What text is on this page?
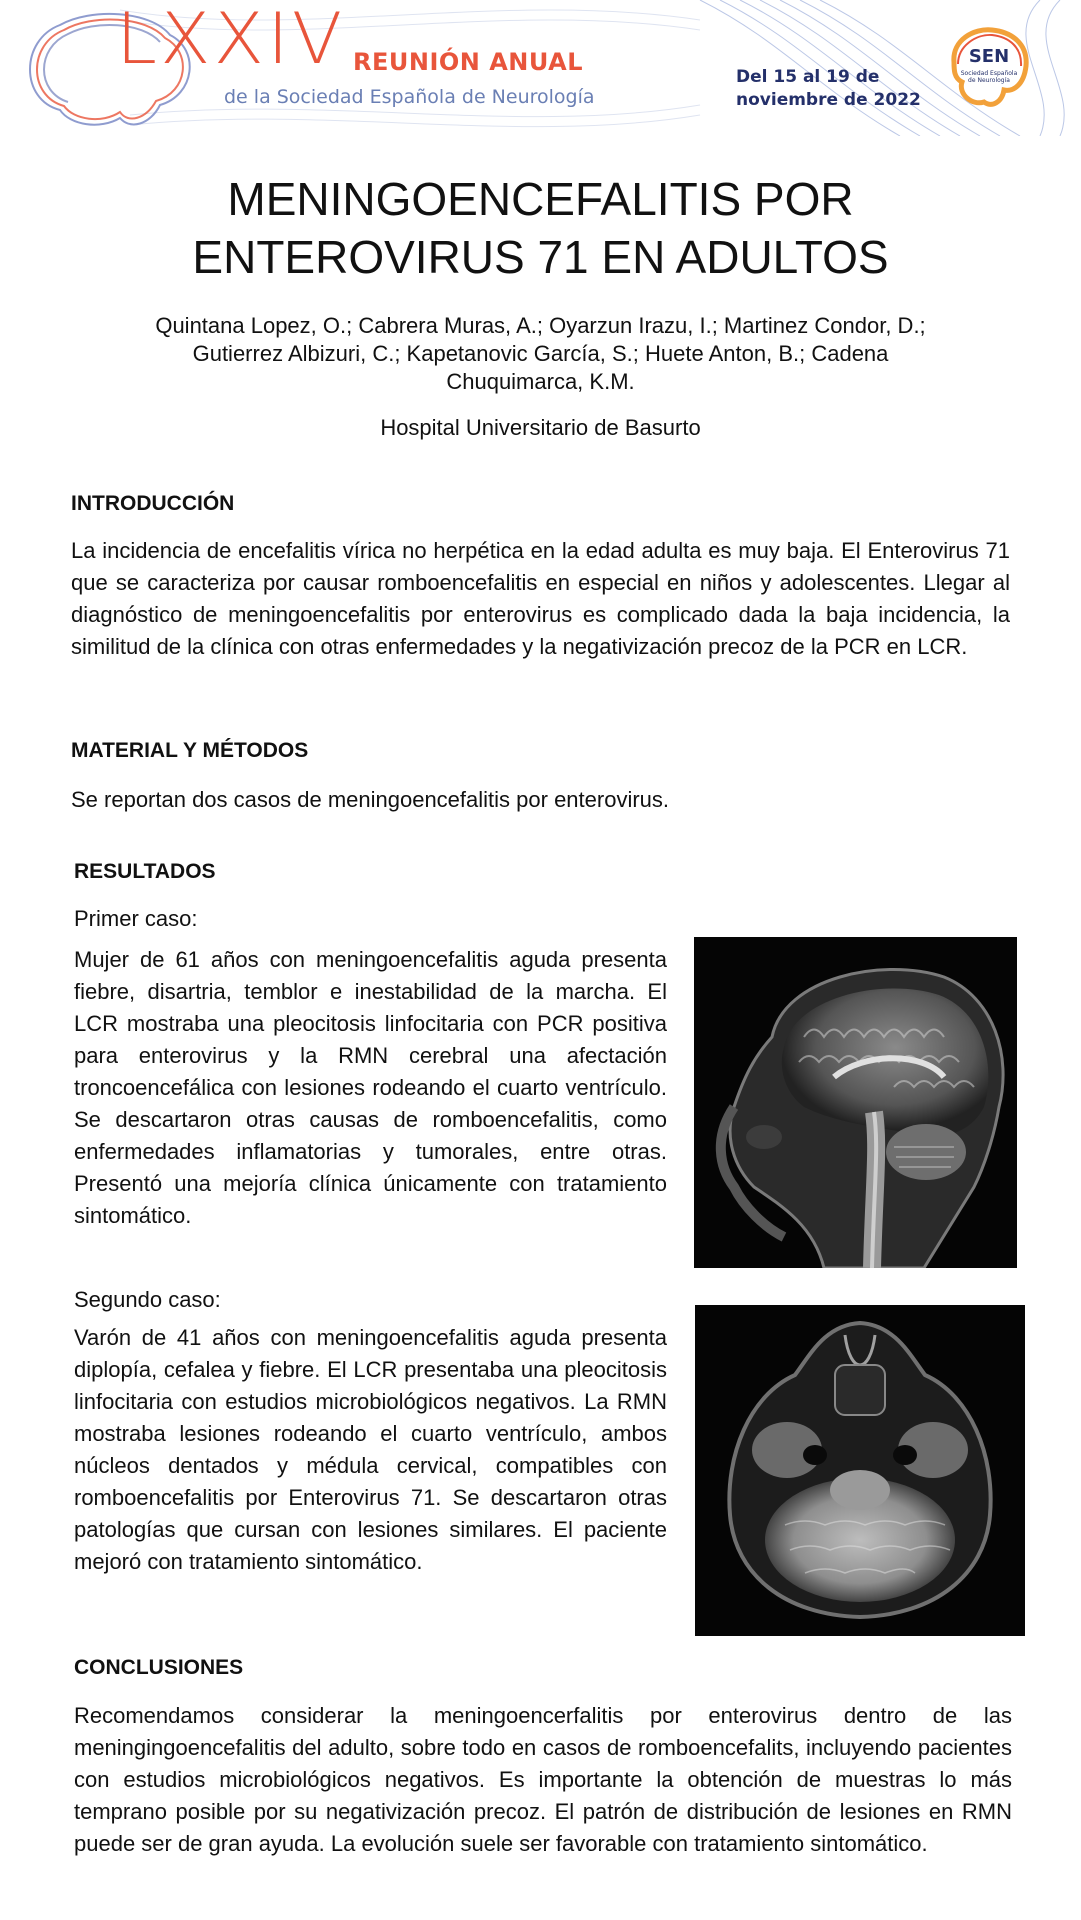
LXXIV REUNIÓN ANUAL
de la Sociedad Española de Neurología
Del 15 al 19 de
noviembre de 2022
SEN
Sociedad Española de Neurología
MENINGOENCEFALITIS POR ENTEROVIRUS 71 EN ADULTOS
Quintana Lopez, O.; Cabrera Muras, A.; Oyarzun Irazu, I.; Martinez Condor, D.; Gutierrez Albizuri, C.; Kapetanovic García, S.; Huete Anton, B.; Cadena Chuquimarca, K.M.
Hospital Universitario de Basurto
INTRODUCCIÓN
La incidencia de encefalitis vírica no herpética en la edad adulta es muy baja. El Enterovirus 71 que se caracteriza por causar romboencefalitis en especial en niños y adolescentes. Llegar al diagnóstico de meningoencefalitis por enterovirus es complicado dada la baja incidencia, la similitud de la clínica con otras enfermedades y la negativización precoz de la PCR en LCR.
MATERIAL Y MÉTODOS
Se reportan dos casos de meningoencefalitis por enterovirus.
RESULTADOS
Primer caso:
Mujer de 61 años con meningoencefalitis aguda presenta fiebre, disartria, temblor e inestabilidad de la marcha. El LCR mostraba una pleocitosis linfocitaria con PCR positiva para enterovirus y la RMN cerebral una afectación troncoencefálica con lesiones rodeando el cuarto ventrículo. Se descartaron otras causas de romboencefalitis, como enfermedades inflamatorias y tumorales, entre otras. Presentó una mejoría clínica únicamente con tratamiento sintomático.
Segundo caso:
Varón de 41 años con meningoencefalitis aguda presenta diplopía, cefalea y fiebre. El LCR presentaba una pleocitosis linfocitaria con estudios microbiológicos negativos. La RMN mostraba lesiones rodeando el cuarto ventrículo, ambos núcleos dentados y médula cervical, compatibles con romboencefalitis por Enterovirus 71. Se descartaron otras patologías que cursan con lesiones similares. El paciente mejoró con tratamiento sintomático.
CONCLUSIONES
Recomendamos considerar la meningoencerfalitis por enterovirus dentro de las meningingoencefalitis del adulto, sobre todo en casos de romboencefalits, incluyendo pacientes con estudios microbiológicos negativos. Es importante la obtención de muestras lo más temprano posible por su negativización precoz. El patrón de distribución de lesiones en RMN puede ser de gran ayuda. La evolución suele ser favorable con tratamiento sintomático.
